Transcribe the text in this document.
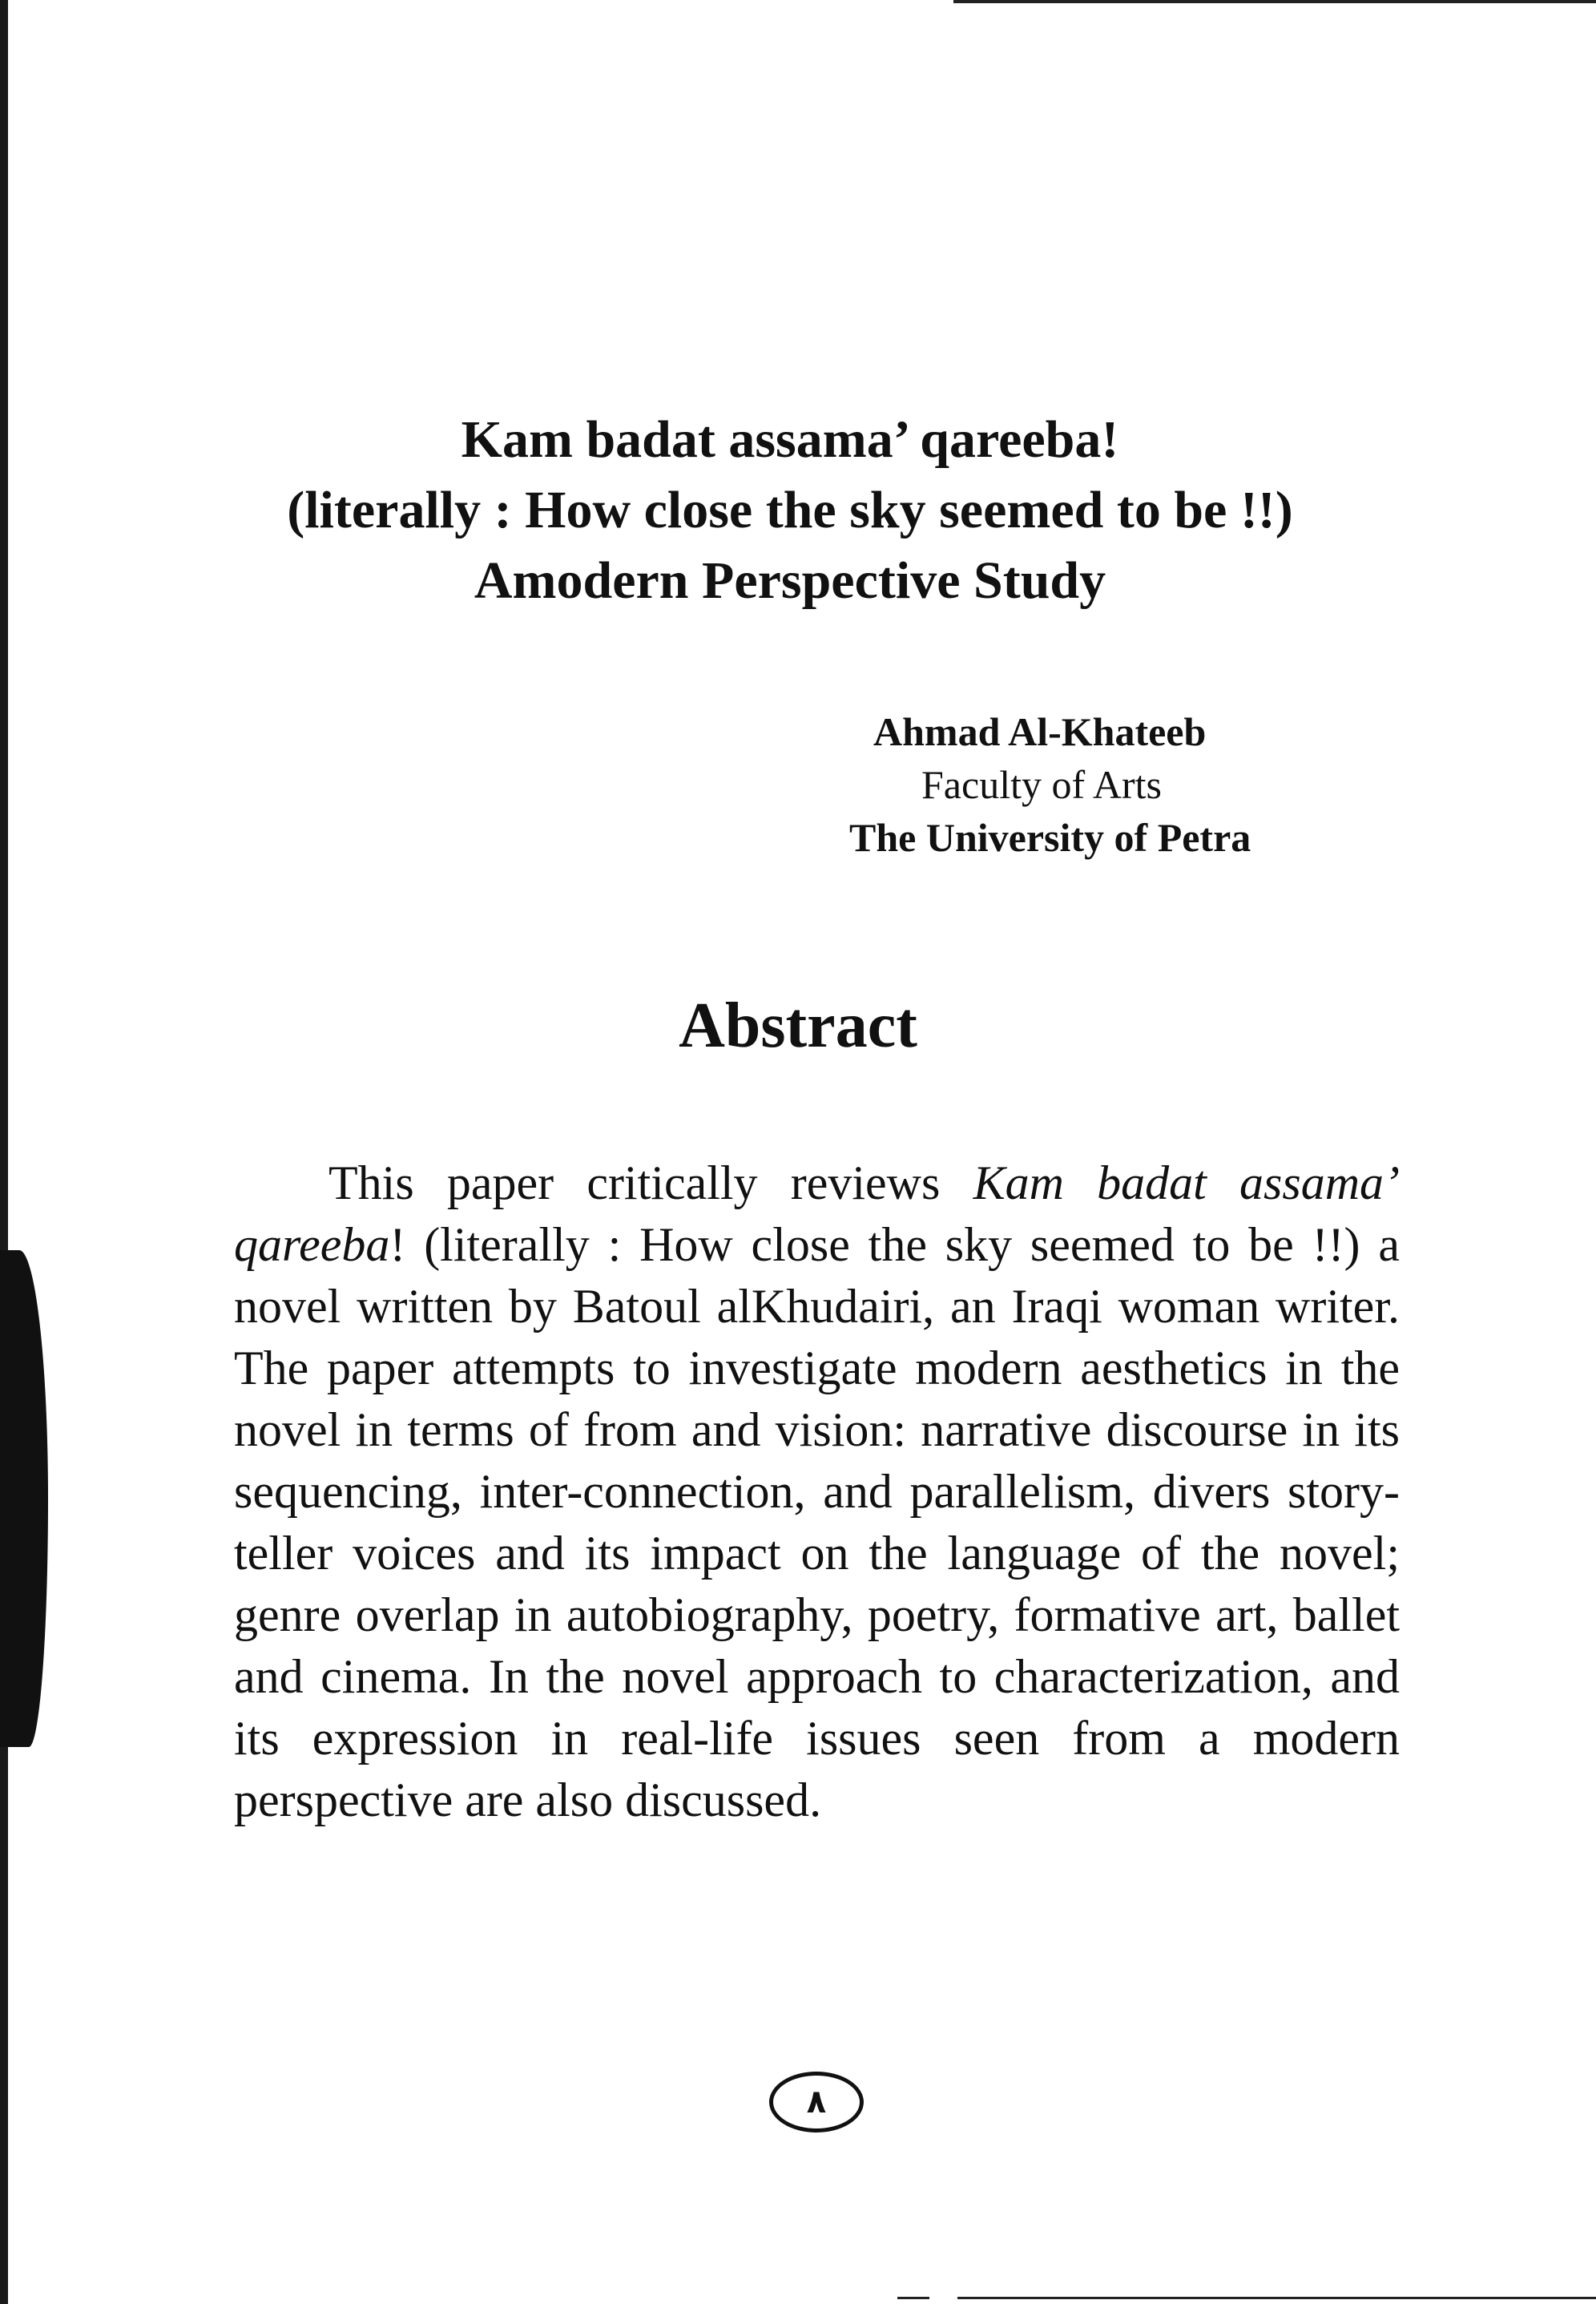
Kam badat assama’ qareeba!
(literally : How close the sky seemed to be !!)
Amodern Perspective Study
Ahmad Al-Khateeb
Faculty of Arts
The University of Petra
Abstract

This paper critically reviews Kam badat assama’ qareeba! (literally : How close the sky seemed to be !!) a novel written by Batoul alKhudairi, an Iraqi woman writer. The paper attempts to investigate modern aesthetics in the novel in terms of from and vision: narrative discourse in its sequencing, inter-connection, and parallelism, divers story-teller voices and its impact on the language of the novel; genre overlap in autobiography, poetry, formative art, ballet and cinema. In the novel approach to characterization, and its expression in real-life issues seen from a modern perspective are also discussed.

٨
